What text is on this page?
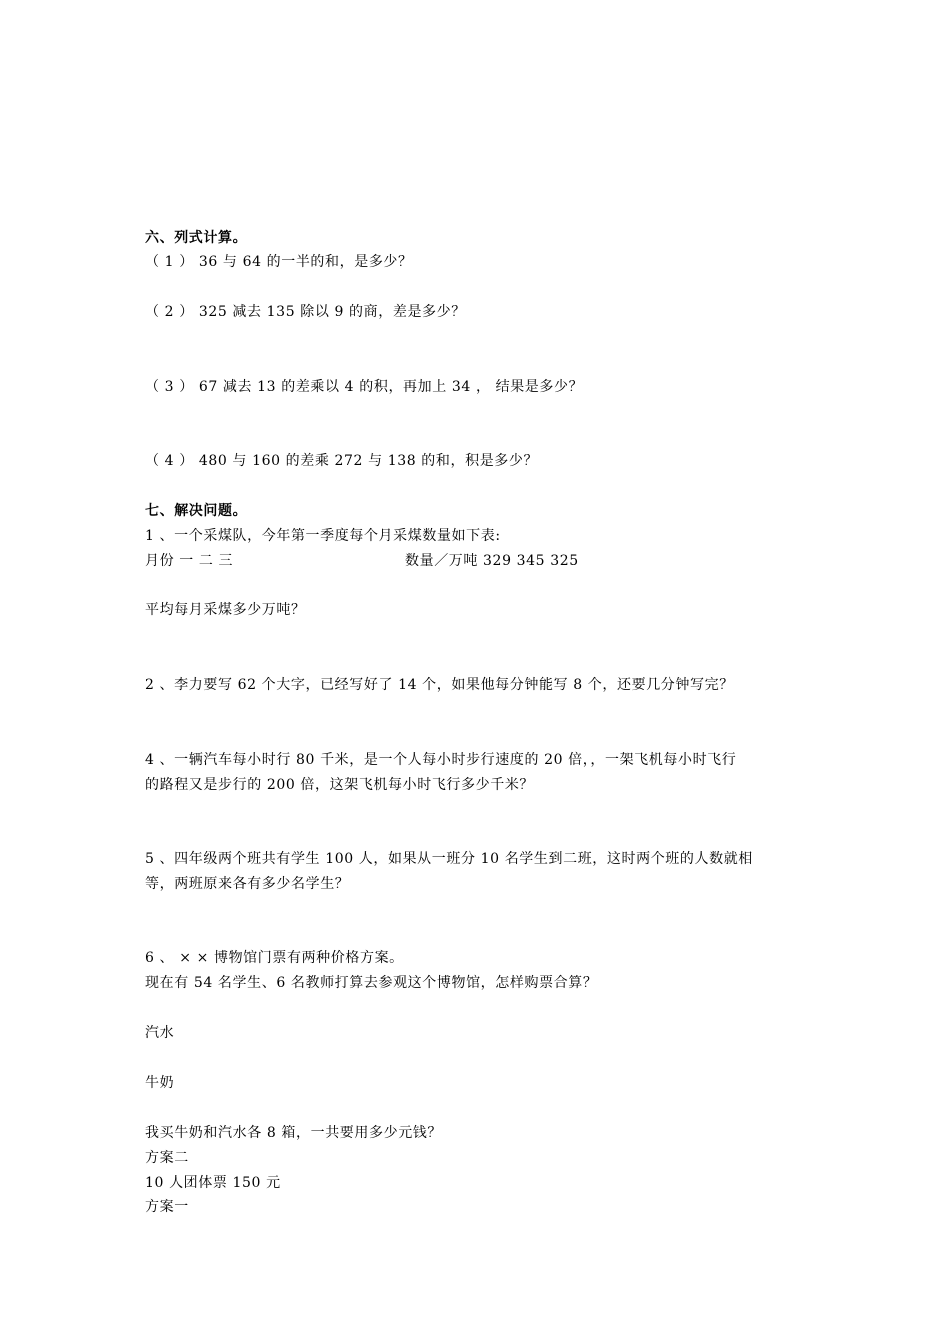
六、列式计算。
（ 1 ） 36 与 64 的一半的和，是多少？
（ 2 ） 325 减去 135 除以 9 的商，差是多少？
（ 3 ） 67 减去 13 的差乘以 4 的积，再加上 34 ， 结果是多少？
（ 4 ） 480 与 160 的差乘 272 与 138 的和，积是多少？
七、解决问题。
1 、一个采煤队，今年第一季度每个月采煤数量如下表:
月份 一 二 三	数量／万吨 329 345 325
平均每月采煤多少万吨？
2 、李力要写 62 个大字，已经写好了 14 个，如果他每分钟能写 8 个，还要几分钟写完？
4 、一辆汽车每小时行 80 千米，是一个人每小时步行速度的 20 倍，，一架飞机每小时飞行
的路程又是步行的 200 倍，这架飞机每小时飞行多少千米？
5 、四年级两个班共有学生 100 人，如果从一班分 10 名学生到二班，这时两个班的人数就相
等，两班原来各有多少名学生？
6 、 × × 博物馆门票有两种价格方案。
现在有 54 名学生、6 名教师打算去参观这个博物馆，怎样购票合算？
汽水
牛奶
我买牛奶和汽水各 8 箱，一共要用多少元钱？
方案二
10 人团体票 150 元
方案一
